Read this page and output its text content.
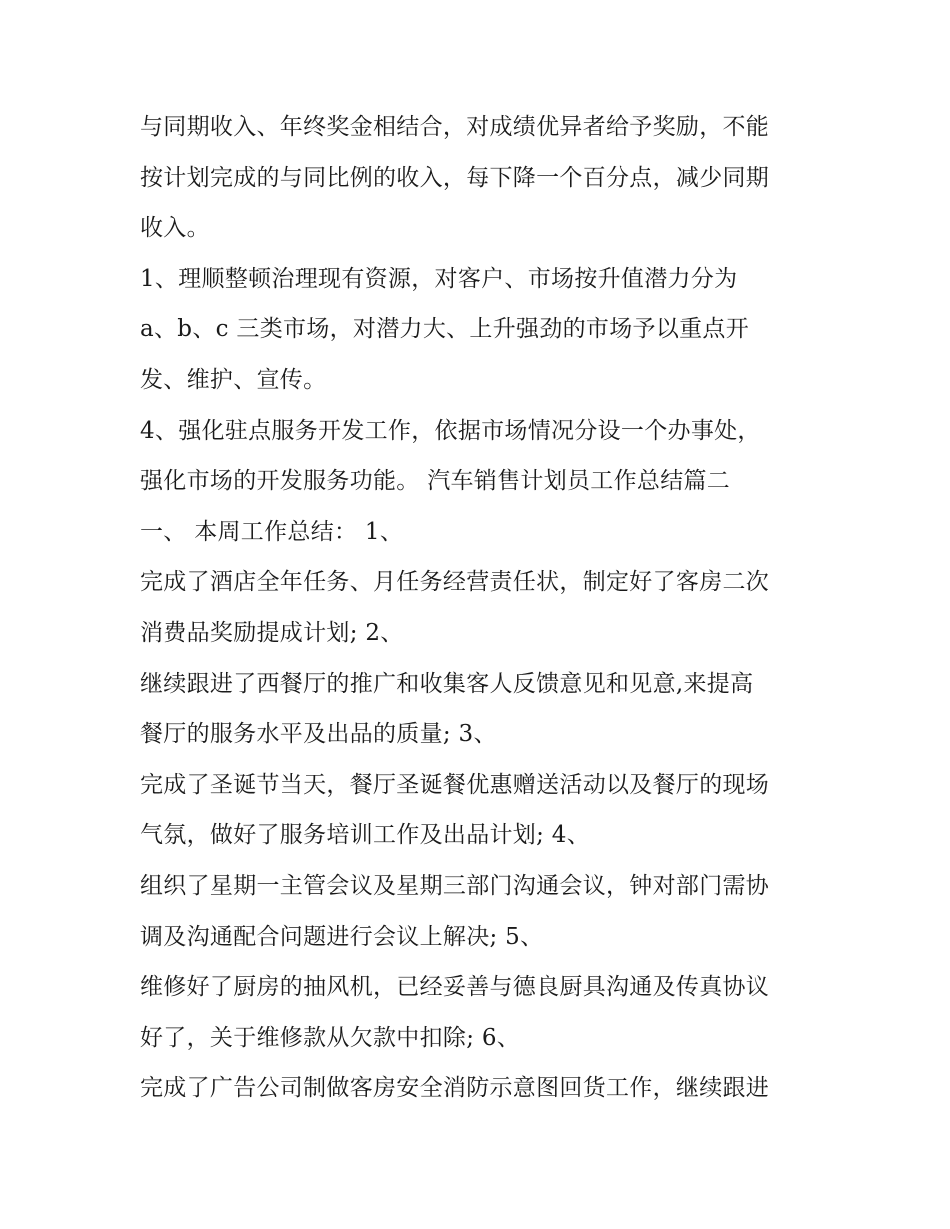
与同期收入、年终奖金相结合，对成绩优异者给予奖励，不能
按计划完成的与同比例的收入，每下降一个百分点，减少同期
收入。
1、理顺整顿治理现有资源，对客户、市场按升值潜力分为
a、b、c 三类市场，对潜力大、上升强劲的市场予以重点开
发、维护、宣传。
4、强化驻点服务开发工作，依据市场情况分设一个办事处，
强化市场的开发服务功能。 汽车销售计划员工作总结篇二
一、 本周工作总结： 1、
完成了酒店全年任务、月任务经营责任状，制定好了客房二次
消费品奖励提成计划; 2、
继续跟进了西餐厅的推广和收集客人反馈意见和见意,来提高
餐厅的服务水平及出品的质量; 3、
完成了圣诞节当天，餐厅圣诞餐优惠赠送活动以及餐厅的现场
气氛，做好了服务培训工作及出品计划; 4、
组织了星期一主管会议及星期三部门沟通会议，钟对部门需协
调及沟通配合问题进行会议上解决; 5、
维修好了厨房的抽风机，已经妥善与德良厨具沟通及传真协议
好了，关于维修款从欠款中扣除; 6、
完成了广告公司制做客房安全消防示意图回货工作，继续跟进
